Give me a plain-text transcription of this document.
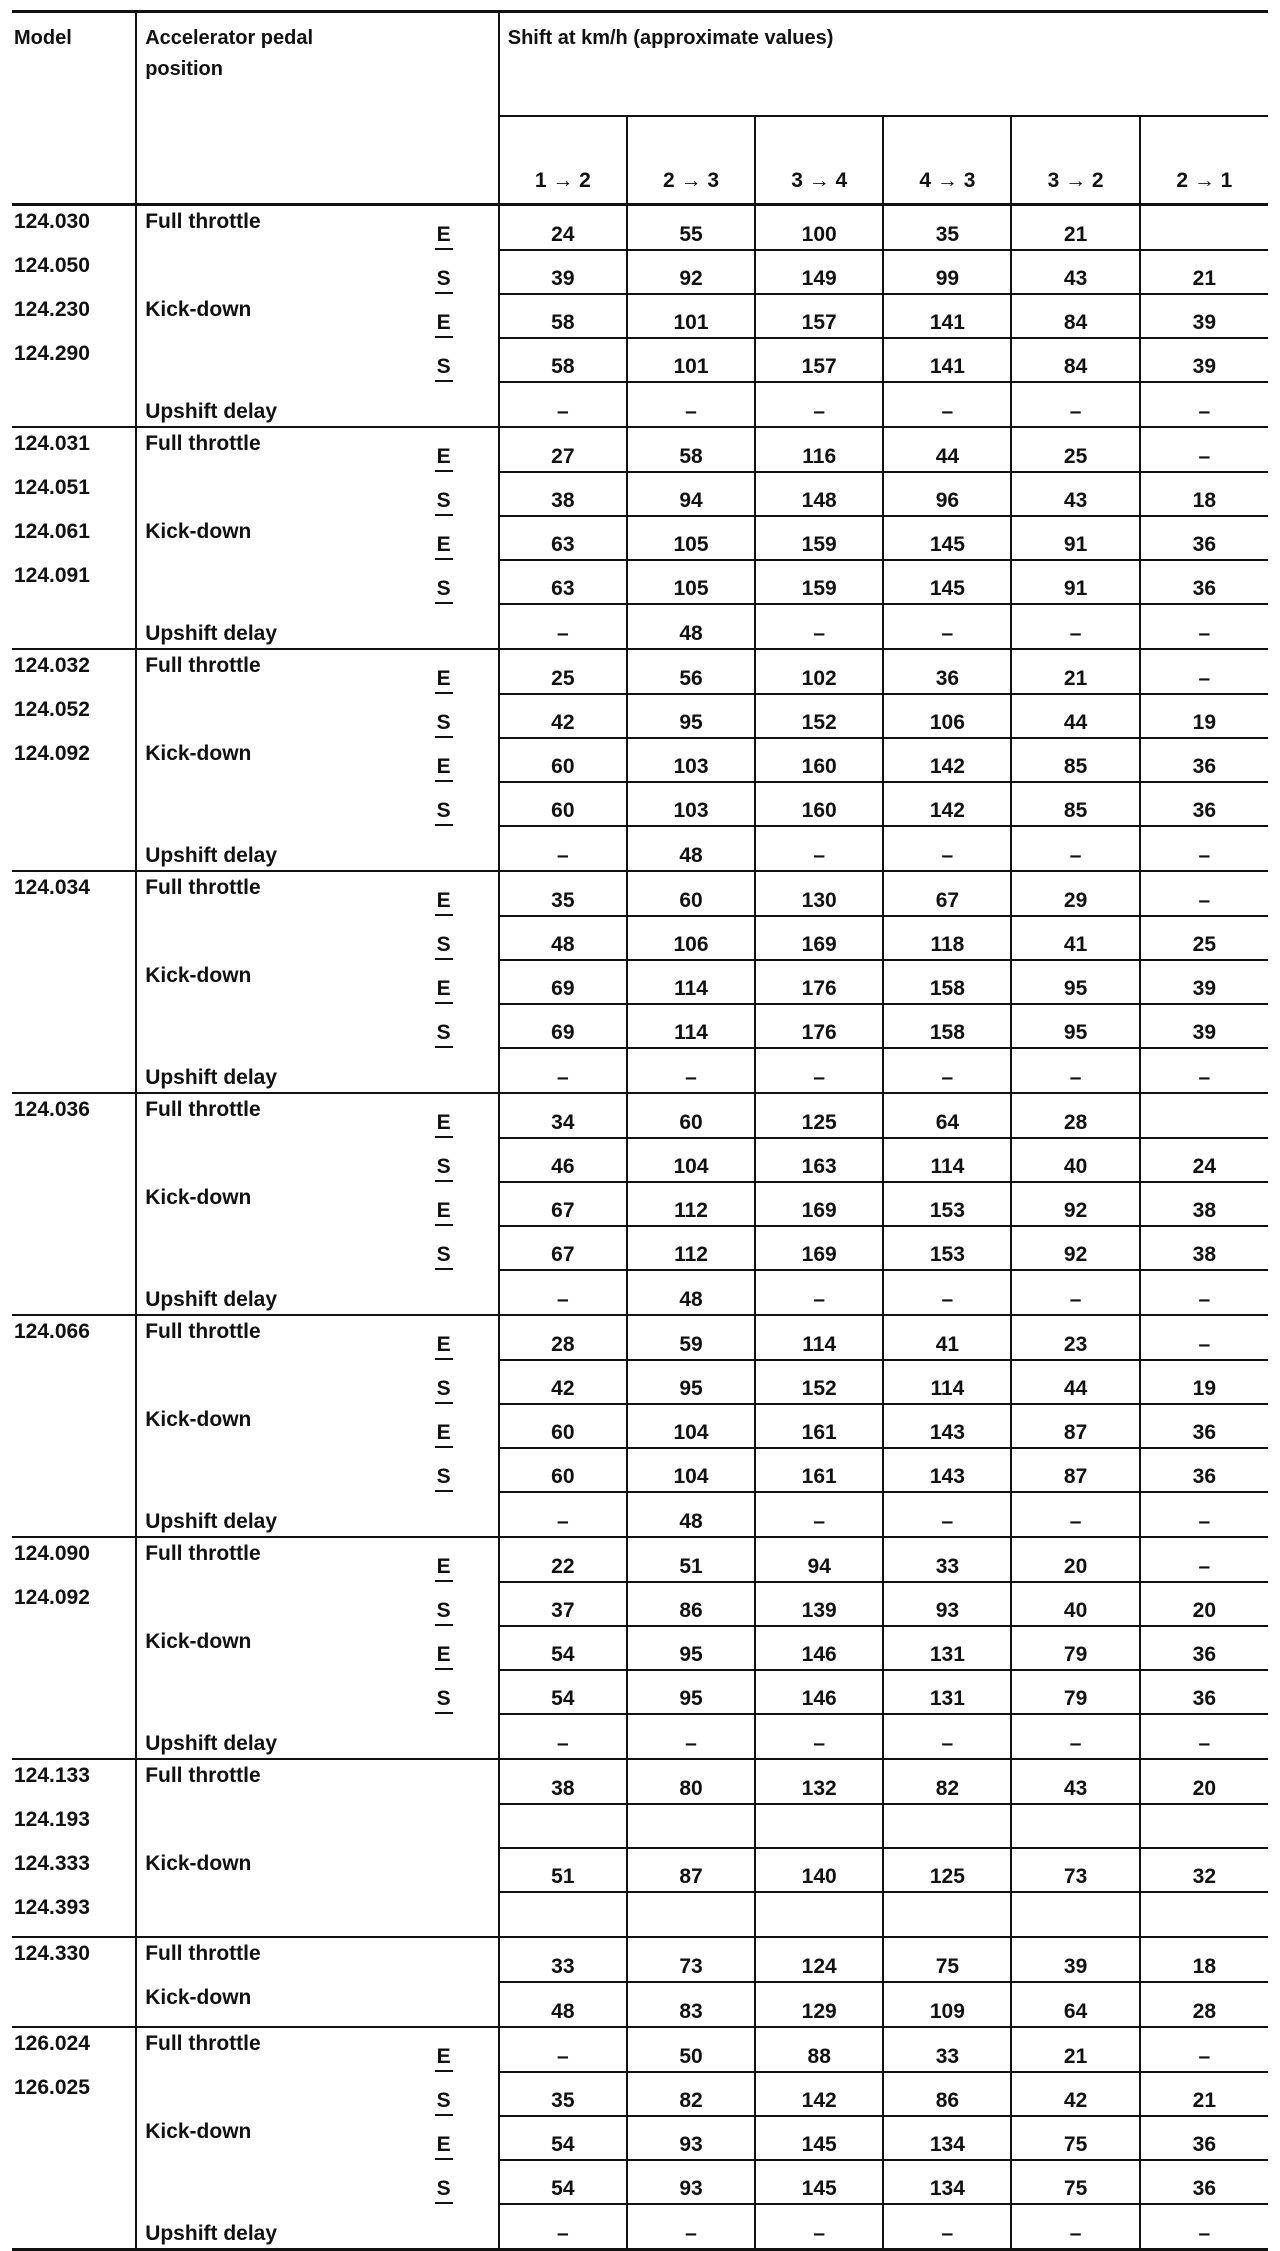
Model	Accelerator pedal
position		Shift at km/h (approximate values)					
			1 → 2	2 → 3	3 → 4	4 → 3	3 → 2	2 → 1
124.030	Full throttle	E	24	55	100	35	21	
124.050		S	39	92	149	99	43	21
124.230	Kick-down	E	58	101	157	141	84	39
124.290		S	58	101	157	141	84	39
	Upshift delay		–	–	–	–	–	–
124.031	Full throttle	E	27	58	116	44	25	–
124.051		S	38	94	148	96	43	18
124.061	Kick-down	E	63	105	159	145	91	36
124.091		S	63	105	159	145	91	36
	Upshift delay		–	48	–	–	–	–
124.032	Full throttle	E	25	56	102	36	21	–
124.052		S	42	95	152	106	44	19
124.092	Kick-down	E	60	103	160	142	85	36
		S	60	103	160	142	85	36
	Upshift delay		–	48	–	–	–	–
124.034	Full throttle	E	35	60	130	67	29	–
		S	48	106	169	118	41	25
	Kick-down	E	69	114	176	158	95	39
		S	69	114	176	158	95	39
	Upshift delay		–	–	–	–	–	–
124.036	Full throttle	E	34	60	125	64	28	
		S	46	104	163	114	40	24
	Kick-down	E	67	112	169	153	92	38
		S	67	112	169	153	92	38
	Upshift delay		–	48	–	–	–	–
124.066	Full throttle	E	28	59	114	41	23	–
		S	42	95	152	114	44	19
	Kick-down	E	60	104	161	143	87	36
		S	60	104	161	143	87	36
	Upshift delay		–	48	–	–	–	–
124.090	Full throttle	E	22	51	94	33	20	–
124.092		S	37	86	139	93	40	20
	Kick-down	E	54	95	146	131	79	36
		S	54	95	146	131	79	36
	Upshift delay		–	–	–	–	–	–
124.133	Full throttle		38	80	132	82	43	20
124.193								
124.333	Kick-down		51	87	140	125	73	32
124.393								
124.330	Full throttle		33	73	124	75	39	18
	Kick-down		48	83	129	109	64	28
126.024	Full throttle	E	–	50	88	33	21	–
126.025		S	35	82	142	86	42	21
	Kick-down	E	54	93	145	134	75	36
		S	54	93	145	134	75	36
	Upshift delay		–	–	–	–	–	–
